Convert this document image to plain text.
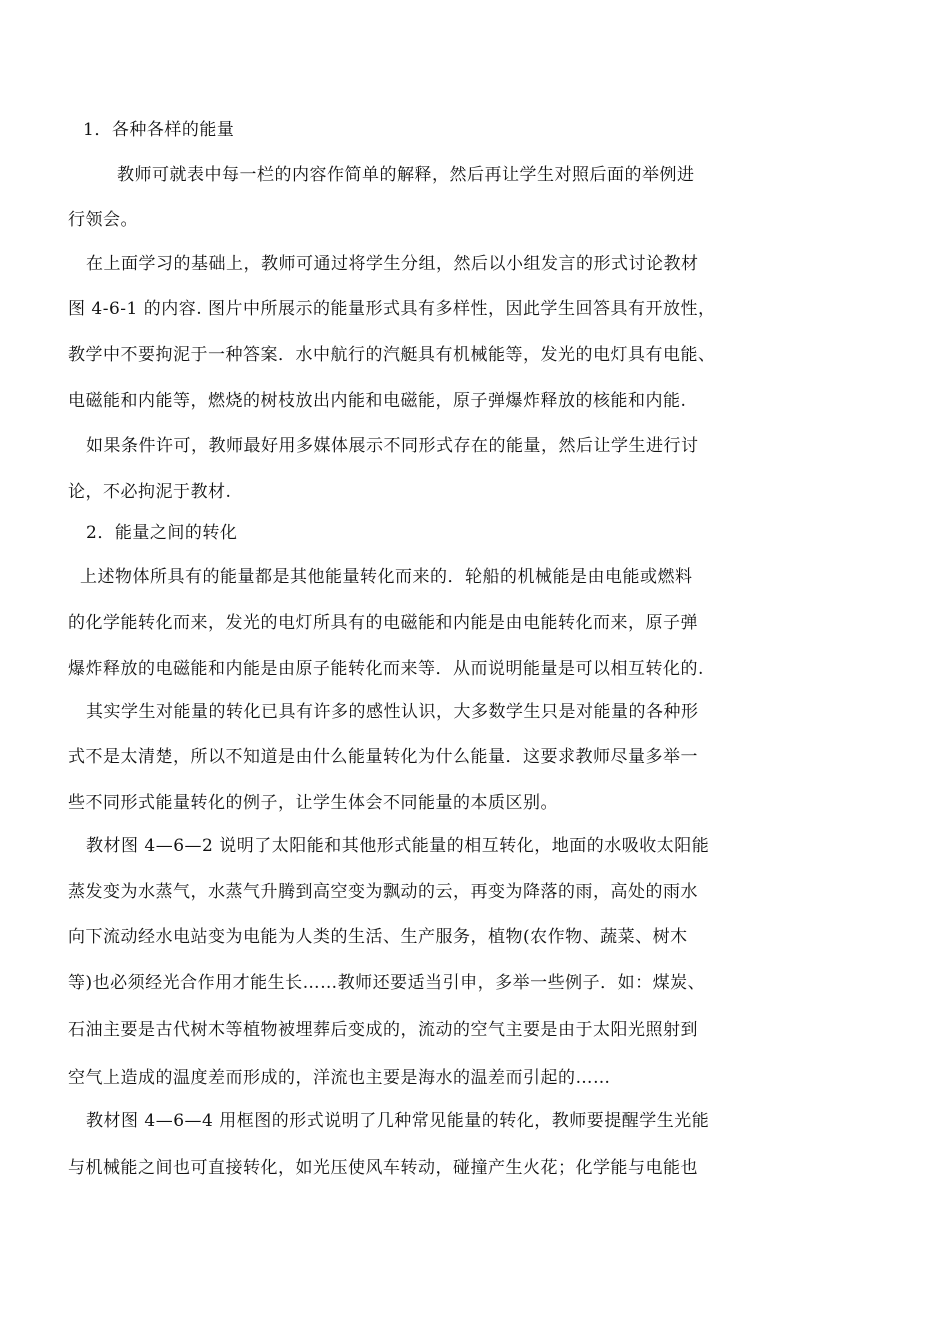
1．各种各样的能量
教师可就表中每一栏的内容作简单的解释，然后再让学生对照后面的举例进
行领会。
在上面学习的基础上，教师可通过将学生分组，然后以小组发言的形式讨论教材
图 4-6-1 的内容. 图片中所展示的能量形式具有多样性，因此学生回答具有开放性，
教学中不要拘泥于一种答案．水中航行的汽艇具有机械能等，发光的电灯具有电能、
电磁能和内能等，燃烧的树枝放出内能和电磁能，原子弹爆炸释放的核能和内能.
如果条件许可，教师最好用多媒体展示不同形式存在的能量，然后让学生进行讨
论，不必拘泥于教材.
2．能量之间的转化
上述物体所具有的能量都是其他能量转化而来的．轮船的机械能是由电能或燃料
的化学能转化而来，发光的电灯所具有的电磁能和内能是由电能转化而来，原子弹
爆炸释放的电磁能和内能是由原子能转化而来等．从而说明能量是可以相互转化的.
其实学生对能量的转化已具有许多的感性认识，大多数学生只是对能量的各种形
式不是太清楚，所以不知道是由什么能量转化为什么能量．这要求教师尽量多举一
些不同形式能量转化的例子，让学生体会不同能量的本质区别。
教材图 4—6—2 说明了太阳能和其他形式能量的相互转化，地面的水吸收太阳能
蒸发变为水蒸气，水蒸气升腾到高空变为飘动的云，再变为降落的雨，高处的雨水
向下流动经水电站变为电能为人类的生活、生产服务，植物(农作物、蔬菜、树木
等)也必须经光合作用才能生长……教师还要适当引申，多举一些例子．如：煤炭、
石油主要是古代树木等植物被埋葬后变成的，流动的空气主要是由于太阳光照射到
空气上造成的温度差而形成的，洋流也主要是海水的温差而引起的……
教材图 4—6—4 用框图的形式说明了几种常见能量的转化，教师要提醒学生光能
与机械能之间也可直接转化，如光压使风车转动，碰撞产生火花；化学能与电能也
